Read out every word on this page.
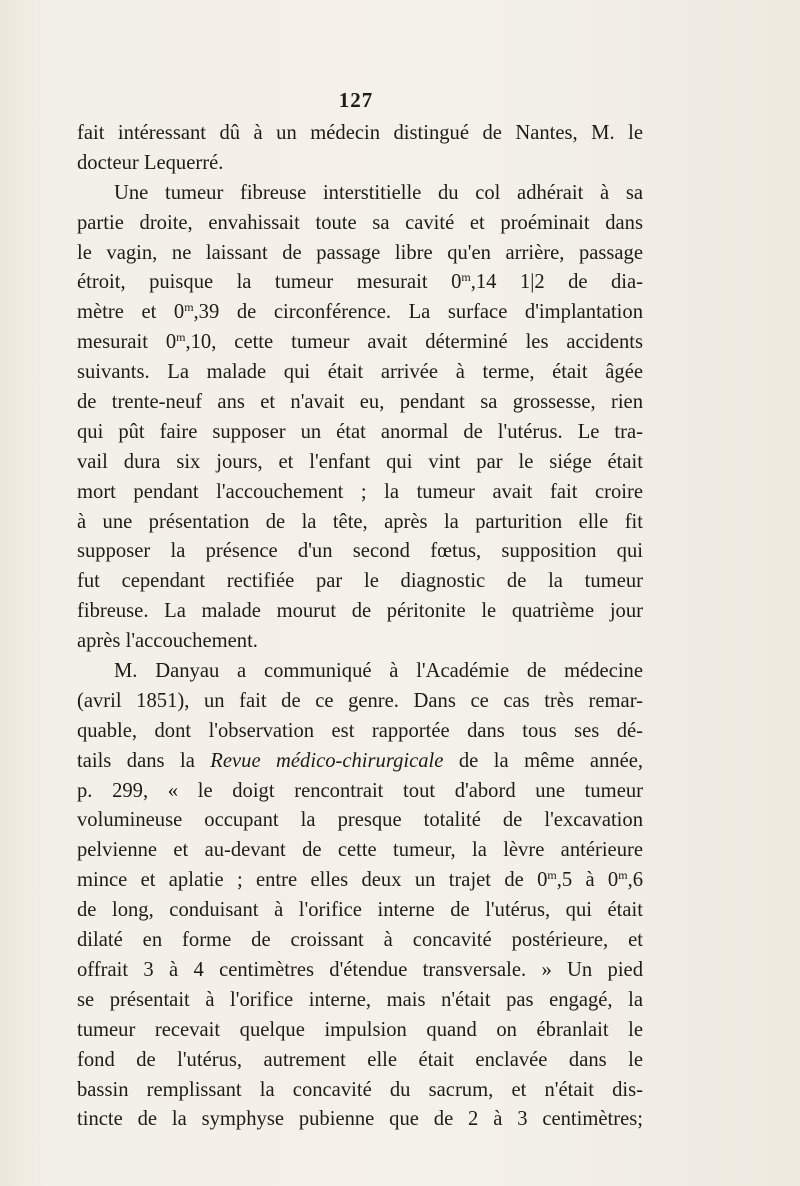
127
fait intéressant dû à un médecin distingué de Nantes, M. le
docteur Lequerré.
Une tumeur fibreuse interstitielle du col adhérait à sa
partie droite, envahissait toute sa cavité et proéminait dans
le vagin, ne laissant de passage libre qu'en arrière, passage
étroit, puisque la tumeur mesurait 0$^m$,14 1|2 de dia-
mètre et 0$^m$,39 de circonférence. La surface d'implantation
mesurait 0$^m$,10, cette tumeur avait déterminé les accidents
suivants. La malade qui était arrivée à terme, était âgée
de trente-neuf ans et n'avait eu, pendant sa grossesse, rien
qui pût faire supposer un état anormal de l'utérus. Le tra-
vail dura six jours, et l'enfant qui vint par le siége était
mort pendant l'accouchement ; la tumeur avait fait croire
à une présentation de la tête, après la parturition elle fit
supposer la présence d'un second fœtus, supposition qui
fut cependant rectifiée par le diagnostic de la tumeur
fibreuse. La malade mourut de péritonite le quatrième jour
après l'accouchement.
M. Danyau a communiqué à l'Académie de médecine
(avril 1851), un fait de ce genre. Dans ce cas très remar-
quable, dont l'observation est rapportée dans tous ses dé-
tails dans la Revue médico-chirurgicale de la même année,
p. 299, « le doigt rencontrait tout d'abord une tumeur
volumineuse occupant la presque totalité de l'excavation
pelvienne et au-devant de cette tumeur, la lèvre antérieure
mince et aplatie ; entre elles deux un trajet de 0$^m$,5 à 0$^m$,6
de long, conduisant à l'orifice interne de l'utérus, qui était
dilaté en forme de croissant à concavité postérieure, et
offrait 3 à 4 centimètres d'étendue transversale. » Un pied
se présentait à l'orifice interne, mais n'était pas engagé, la
tumeur recevait quelque impulsion quand on ébranlait le
fond de l'utérus, autrement elle était enclavée dans le
bassin remplissant la concavité du sacrum, et n'était dis-
tincte de la symphyse pubienne que de 2 à 3 centimètres;
